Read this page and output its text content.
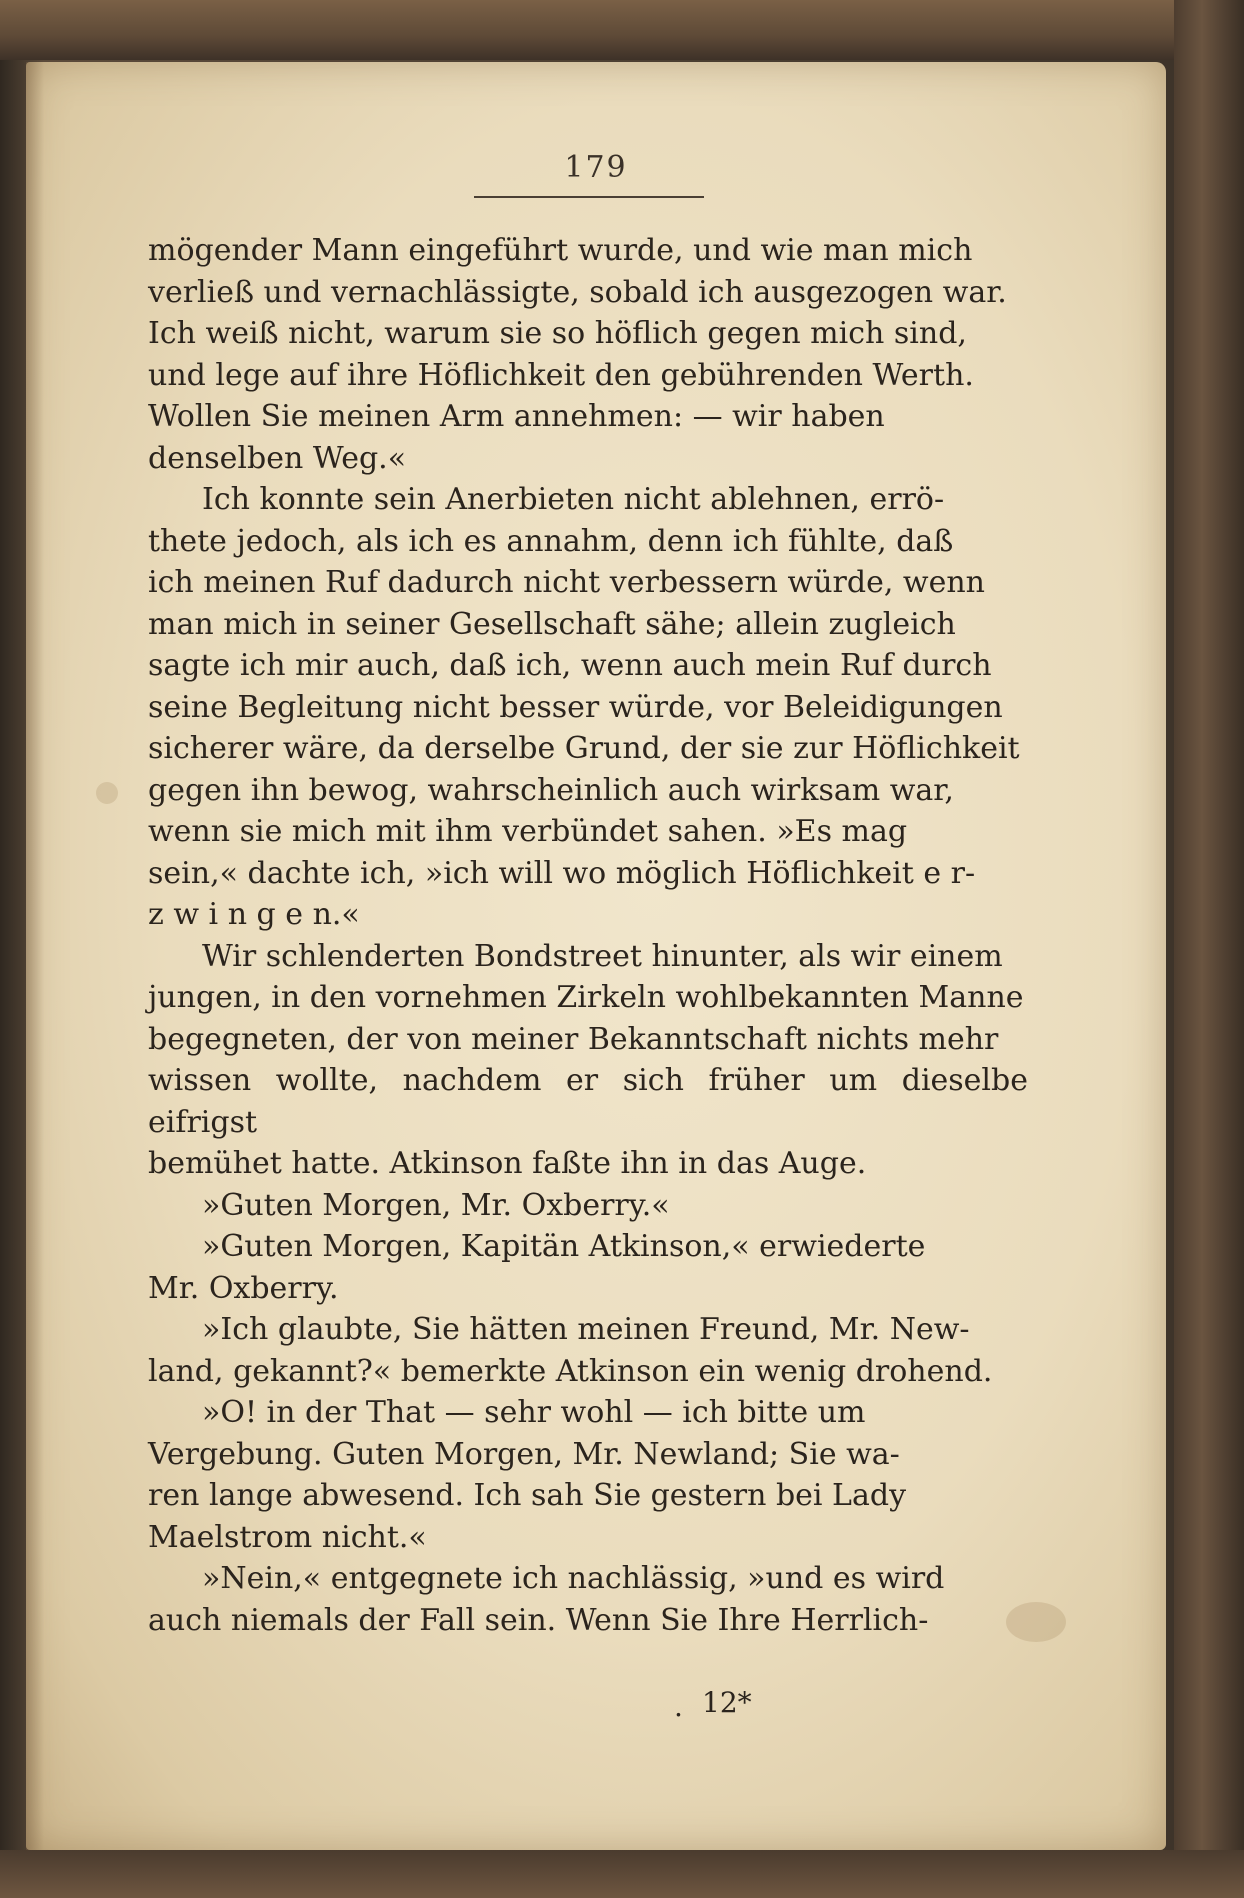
179

mögender Mann eingeführt wurde, und wie man mich
verließ und vernachlässigte, sobald ich ausgezogen war.
Ich weiß nicht, warum sie so höflich gegen mich sind,
und lege auf ihre Höflichkeit den gebührenden Werth.
Wollen Sie meinen Arm annehmen: — wir haben
denselben Weg.«

Ich konnte sein Anerbieten nicht ablehnen, errö-
thete jedoch, als ich es annahm, denn ich fühlte, daß
ich meinen Ruf dadurch nicht verbessern würde, wenn
man mich in seiner Gesellschaft sähe; allein zugleich
sagte ich mir auch, daß ich, wenn auch mein Ruf durch
seine Begleitung nicht besser würde, vor Beleidigungen
sicherer wäre, da derselbe Grund, der sie zur Höflichkeit
gegen ihn bewog, wahrscheinlich auch wirksam war,
wenn sie mich mit ihm verbündet sahen. »Es mag
sein,« dachte ich, »ich will wo möglich Höflichkeit e r-
z w i n g e n.«

Wir schlenderten Bondstreet hinunter, als wir einem
jungen, in den vornehmen Zirkeln wohlbekannten Manne
begegneten, der von meiner Bekanntschaft nichts mehr
wissen wollte, nachdem er sich früher um dieselbe eifrigst
bemühet hatte. Atkinson faßte ihn in das Auge.

»Guten Morgen, Mr. Oxberry.«

»Guten Morgen, Kapitän Atkinson,« erwiederte
Mr. Oxberry.

»Ich glaubte, Sie hätten meinen Freund, Mr. New-
land, gekannt?« bemerkte Atkinson ein wenig drohend.

»O! in der That — sehr wohl — ich bitte um
Vergebung. Guten Morgen, Mr. Newland; Sie wa-
ren lange abwesend. Ich sah Sie gestern bei Lady
Maelstrom nicht.«

»Nein,« entgegnete ich nachlässig, »und es wird
auch niemals der Fall sein. Wenn Sie Ihre Herrlich-

. 12*
